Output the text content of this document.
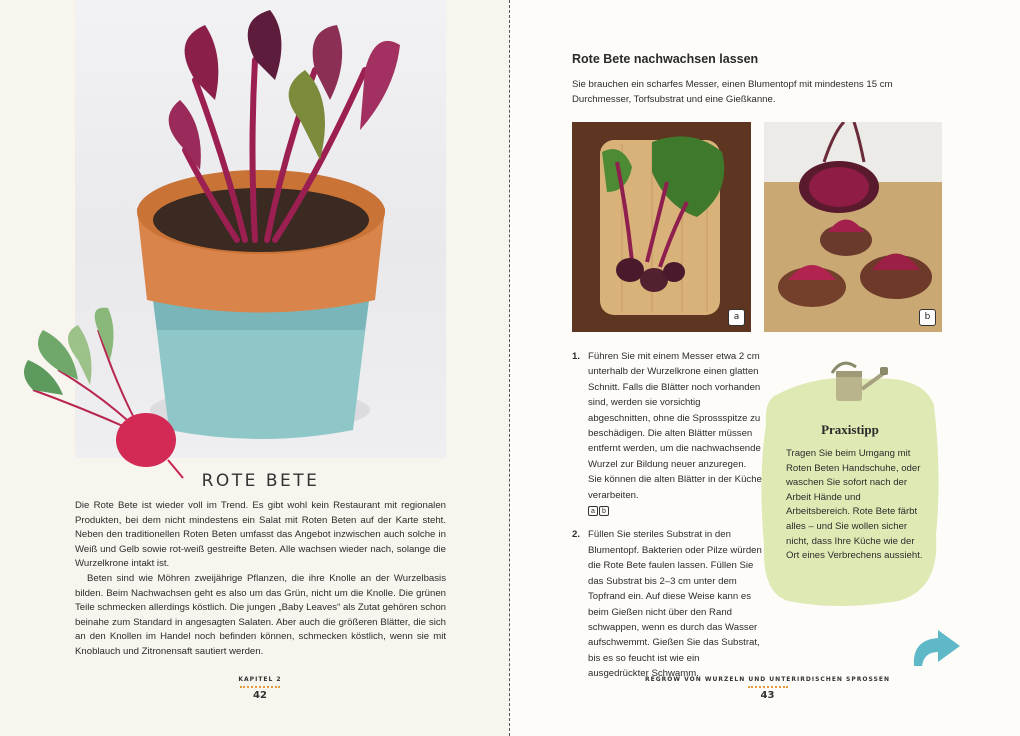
ROTE BETE

Die Rote Bete ist wieder voll im Trend. Es gibt wohl kein Restaurant mit regionalen Produkten, bei dem nicht mindestens ein Salat mit Roten Beten auf der Karte steht. Neben den traditionellen Roten Beten umfasst das Angebot inzwischen auch solche in Weiß und Gelb sowie rot-weiß gestreifte Beten. Alle wachsen wieder nach, solange die Wurzelkrone intakt ist.

Beten sind wie Möhren zweijährige Pflanzen, die ihre Knolle an der Wurzelbasis bilden. Beim Nachwachsen geht es also um das Grün, nicht um die Knolle. Die grünen Teile schmecken allerdings köstlich. Die jungen „Baby Leaves“ als Zutat gehören schon beinahe zum Standard in angesagten Salaten. Aber auch die größeren Blätter, die sich an den Knollen im Handel noch befinden können, schmecken köstlich, wenn sie mit Knoblauch und Zitronensaft sautiert werden.

KAPITEL 2
42
Rote Bete nachwachsen lassen
Sie brauchen ein scharfes Messer, einen Blumentopf mit mindestens 15 cm Durchmesser, Torfsubstrat und eine Gießkanne.
a	b
1. Führen Sie mit einem Messer etwa 2 cm unterhalb der Wurzelkrone einen glatten Schnitt. Falls die Blätter noch vorhanden sind, werden sie vorsichtig abgeschnitten, ohne die Sprossspitze zu beschädigen. Die alten Blätter müssen entfernt werden, um die nachwachsende Wurzel zur Bildung neuer anzuregen. Sie können die alten Blätter in der Küche verarbeiten.
a b
2. Füllen Sie steriles Substrat in den Blumentopf. Bakterien oder Pilze würden die Rote Bete faulen lassen. Füllen Sie das Substrat bis 2–3 cm unter dem Topfrand ein. Auf diese Weise kann es beim Gießen nicht über den Rand schwappen, wenn es durch das Wasser aufschwemmt. Gießen Sie das Substrat, bis es so feucht ist wie ein ausgedrückter Schwamm.
Praxistipp
Tragen Sie beim Umgang mit Roten Beten Handschuhe, oder waschen Sie sofort nach der Arbeit Hände und Arbeitsbereich. Rote Bete färbt alles – und Sie wollen sicher nicht, dass Ihre Küche wie der Ort eines Verbrechens aussieht.
REGROW VON WURZELN UND UNTERIRDISCHEN SPROSSEN
43
